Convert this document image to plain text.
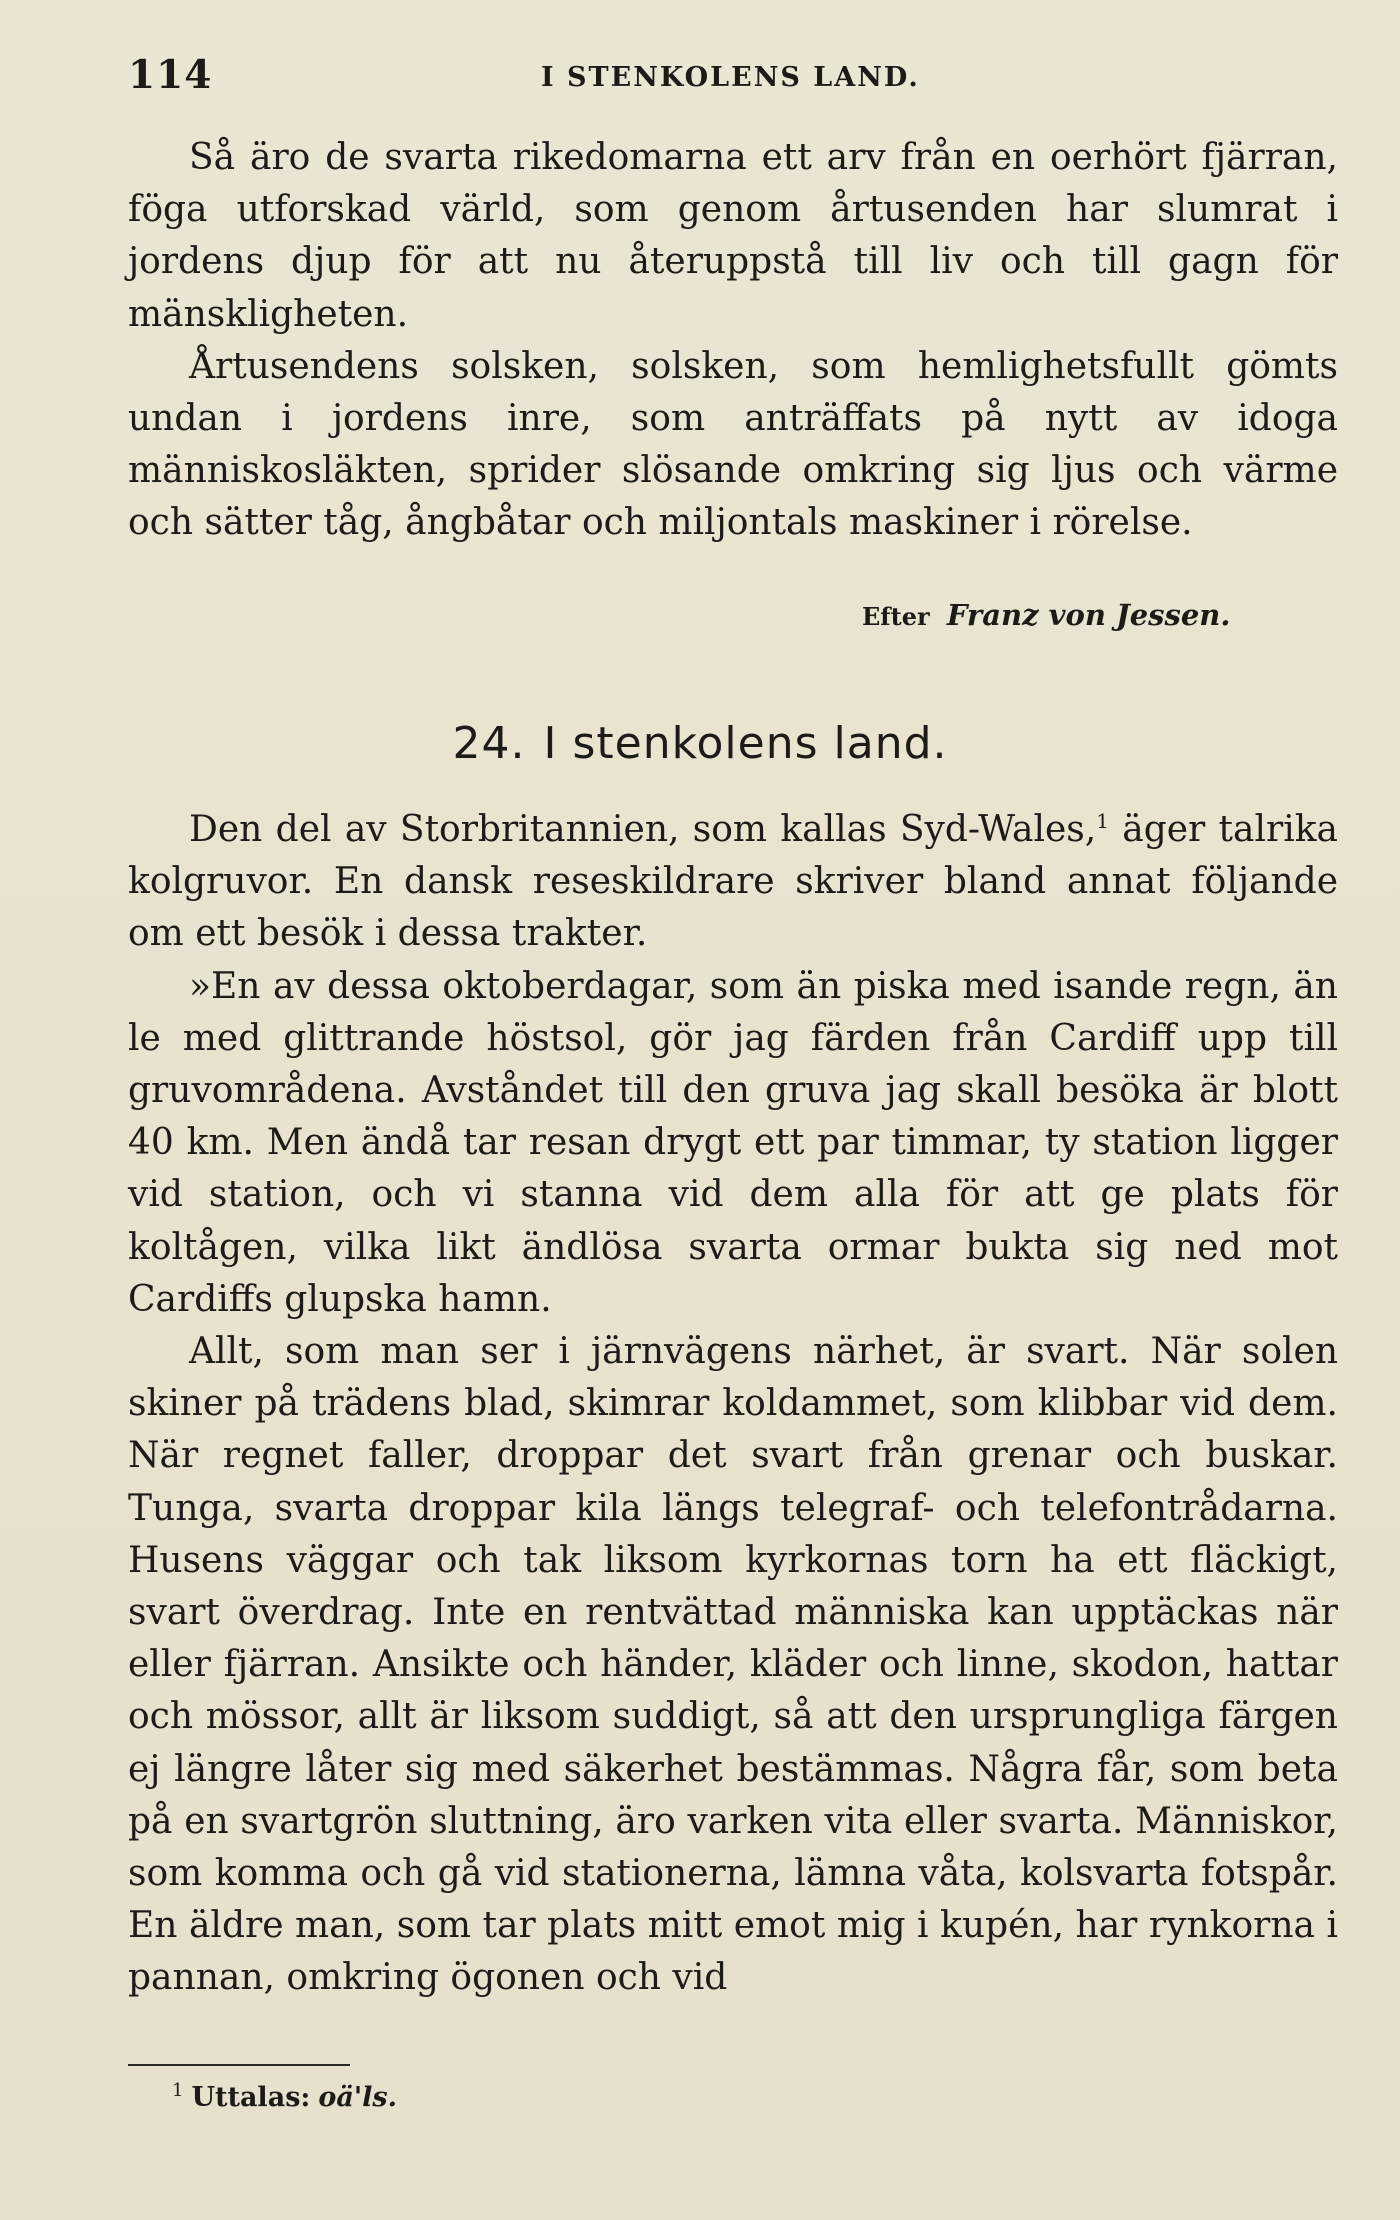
114	I STENKOLENS LAND.

Så äro de svarta rikedomarna ett arv från en oerhört fjärran, föga utforskad värld, som genom årtusenden har slumrat i jordens djup för att nu återuppstå till liv och till gagn för mänskligheten.

Årtusendens solsken, solsken, som hemlighetsfullt gömts undan i jordens inre, som anträffats på nytt av idoga människosläkten, sprider slösande omkring sig ljus och värme och sätter tåg, ångbåtar och miljontals maskiner i rörelse.

Efter Franz von Jessen.
24. I stenkolens land.

Den del av Storbritannien, som kallas Syd-Wales,$^1$ äger talrika kolgruvor. En dansk reseskildrare skriver bland annat följande om ett besök i dessa trakter.

»En av dessa oktoberdagar, som än piska med isande regn, än le med glittrande höstsol, gör jag färden från Cardiff upp till gruvområdena. Avståndet till den gruva jag skall besöka är blott 40 km. Men ändå tar resan drygt ett par timmar, ty station ligger vid station, och vi stanna vid dem alla för att ge plats för koltågen, vilka likt ändlösa svarta ormar bukta sig ned mot Cardiffs glupska hamn.

Allt, som man ser i järnvägens närhet, är svart. När solen skiner på trädens blad, skimrar koldammet, som klibbar vid dem. När regnet faller, droppar det svart från grenar och buskar. Tunga, svarta droppar kila längs telegraf- och telefontrådarna. Husens väggar och tak liksom kyrkornas torn ha ett fläckigt, svart överdrag. Inte en rentvättad människa kan upptäckas när eller fjärran. Ansikte och händer, kläder och linne, skodon, hattar och mössor, allt är liksom suddigt, så att den ursprungliga färgen ej längre låter sig med säkerhet bestämmas. Några får, som beta på en svartgrön sluttning, äro varken vita eller svarta. Människor, som komma och gå vid stationerna, lämna våta, kolsvarta fotspår. En äldre man, som tar plats mitt emot mig i kupén, har rynkorna i pannan, omkring ögonen och vid

$^1$ Uttalas: oä'ls.
